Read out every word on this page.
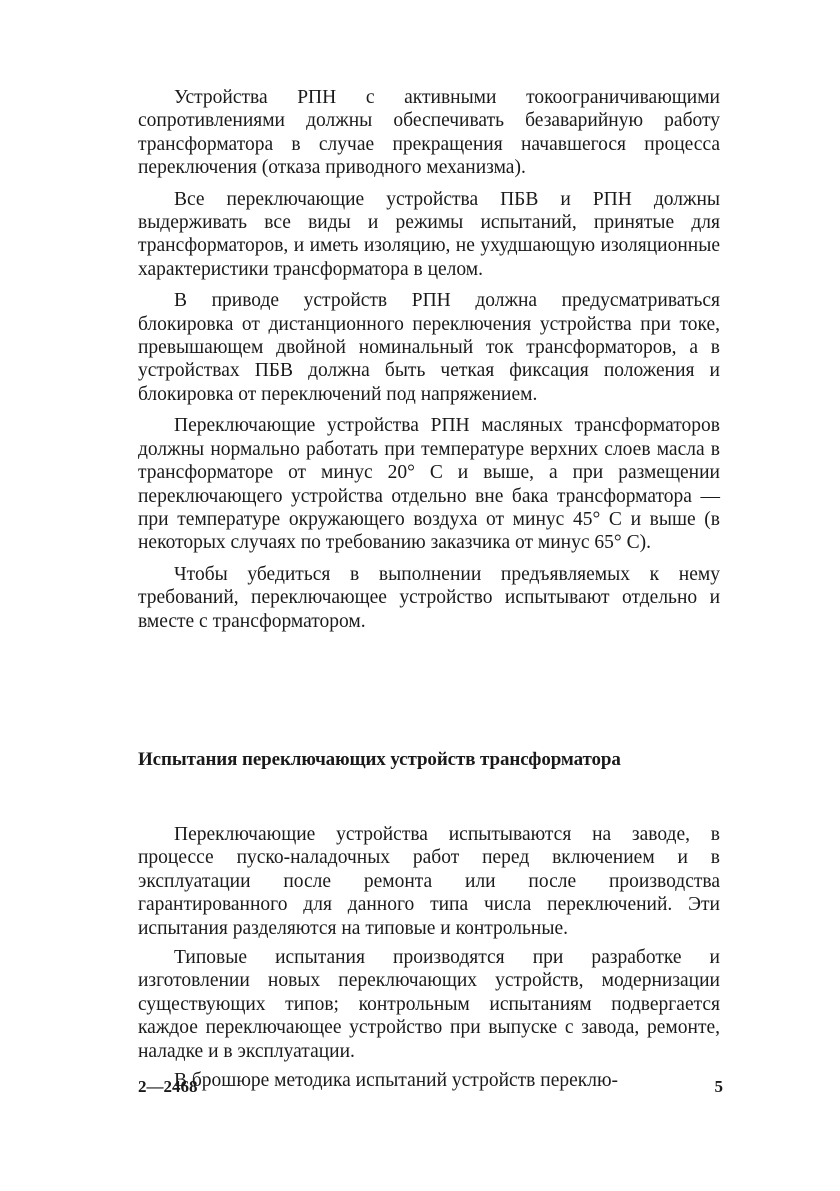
Устройства РПН с активными токоограничивающими сопротивлениями должны обеспечивать безаварийную работу трансформатора в случае прекращения начавшегося процесса переключения (отказа приводного механизма).

Все переключающие устройства ПБВ и РПН должны выдерживать все виды и режимы испытаний, принятые для трансформаторов, и иметь изоляцию, не ухудшающую изоляционные характеристики трансформатора в целом.

В приводе устройств РПН должна предусматриваться блокировка от дистанционного переключения устройства при токе, превышающем двойной номинальный ток трансформаторов, а в устройствах ПБВ должна быть четкая фиксация положения и блокировка от переключений под напряжением.

Переключающие устройства РПН масляных трансформаторов должны нормально работать при температуре верхних слоев масла в трансформаторе от минус 20° С и выше, а при размещении переключающего устройства отдельно вне бака трансформатора — при температуре окружающего воздуха от минус 45° С и выше (в некоторых случаях по требованию заказчика от минус 65° С).

Чтобы убедиться в выполнении предъявляемых к нему требований, переключающее устройство испытывают отдельно и вместе с трансформатором.

Испытания переключающих устройств трансформатора

Переключающие устройства испытываются на заводе, в процессе пуско-наладочных работ перед включением и в эксплуатации после ремонта или после производства гарантированного для данного типа числа переключений. Эти испытания разделяются на типовые и контрольные.

Типовые испытания производятся при разработке и изготовлении новых переключающих устройств, модернизации существующих типов; контрольным испытаниям подвергается каждое переключающее устройство при выпуске с завода, ремонте, наладке и в эксплуатации.

В брошюре методика испытаний устройств переклю-

2—2468	5
